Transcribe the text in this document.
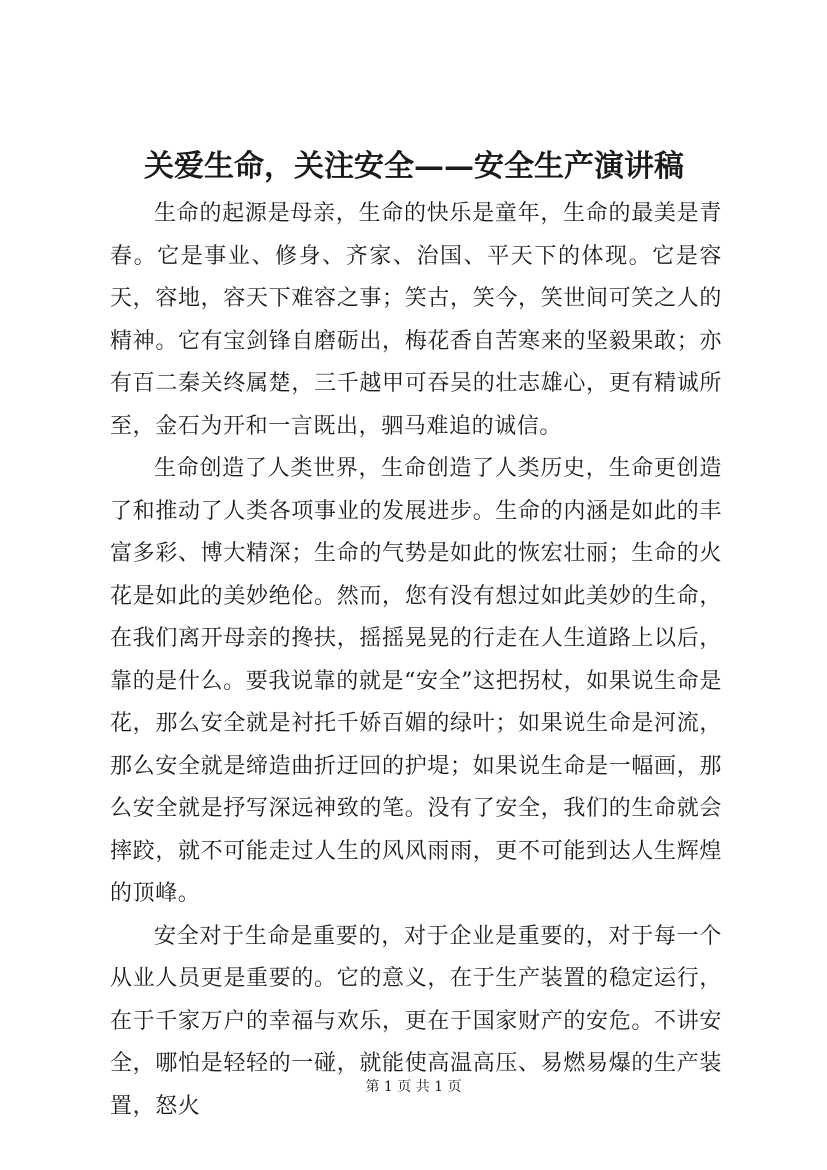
关爱生命，关注安全——安全生产演讲稿

生命的起源是母亲，生命的快乐是童年，生命的最美是青春。它是事业、修身、齐家、治国、平天下的体现。它是容天，容地，容天下难容之事；笑古，笑今，笑世间可笑之人的精神。它有宝剑锋自磨砺出，梅花香自苦寒来的坚毅果敢；亦有百二秦关终属楚，三千越甲可吞吴的壮志雄心，更有精诚所至，金石为开和一言既出，驷马难追的诚信。

生命创造了人类世界，生命创造了人类历史，生命更创造了和推动了人类各项事业的发展进步。生命的内涵是如此的丰富多彩、博大精深；生命的气势是如此的恢宏壮丽；生命的火花是如此的美妙绝伦。然而，您有没有想过如此美妙的生命，在我们离开母亲的搀扶，摇摇晃晃的行走在人生道路上以后，靠的是什么。要我说靠的就是“安全”这把拐杖，如果说生命是花，那么安全就是衬托千娇百媚的绿叶；如果说生命是河流，那么安全就是缔造曲折迂回的护堤；如果说生命是一幅画，那么安全就是抒写深远神致的笔。没有了安全，我们的生命就会摔跤，就不可能走过人生的风风雨雨，更不可能到达人生辉煌的顶峰。

安全对于生命是重要的，对于企业是重要的，对于每一个从业人员更是重要的。它的意义，在于生产装置的稳定运行，在于千家万户的幸福与欢乐，更在于国家财产的安危。不讲安全，哪怕是轻轻的一碰，就能使高温高压、易燃易爆的生产装置，怒火

第 1 页 共 1 页
